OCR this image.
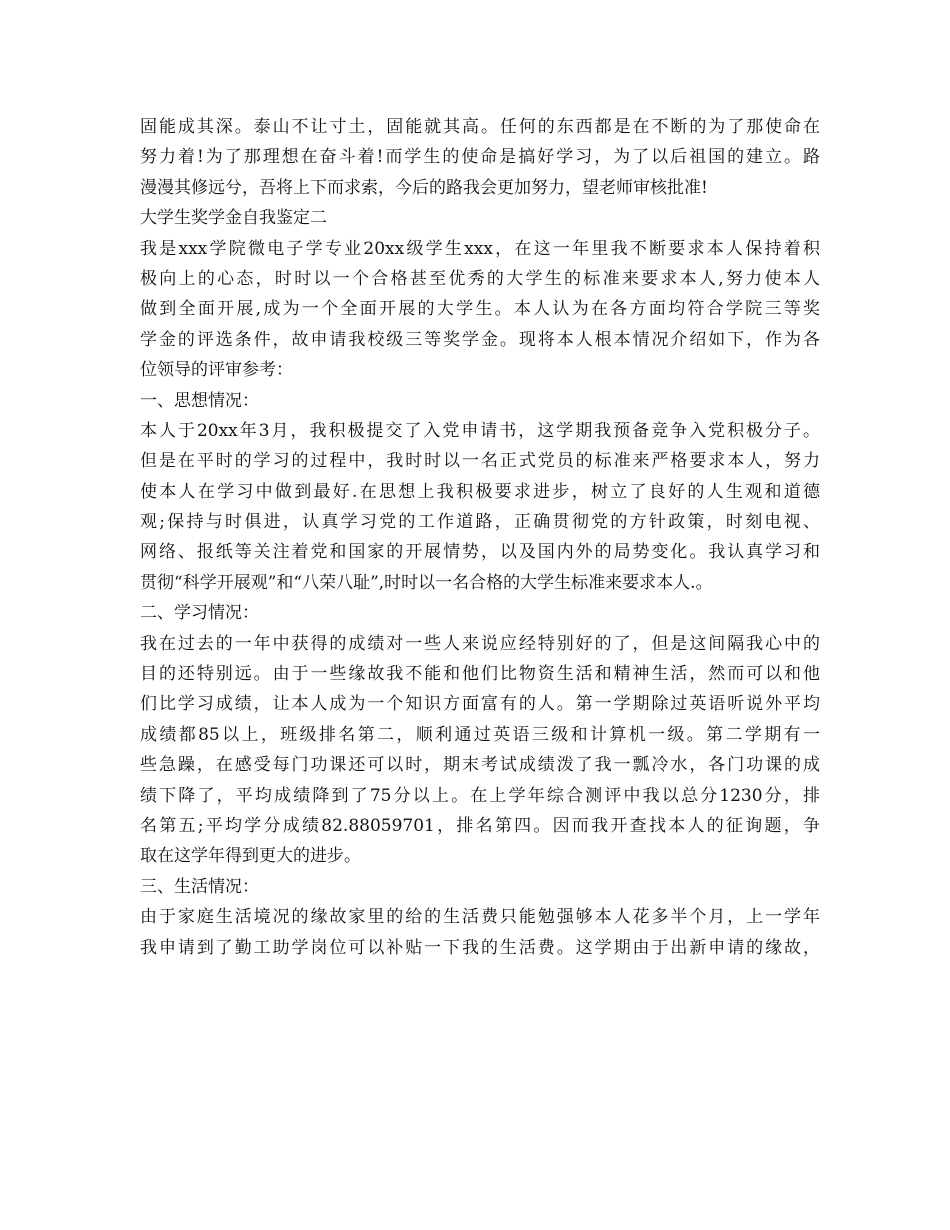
固能成其深。泰山不让寸土，固能就其高。任何的东西都是在不断的为了那使命在
努力着!为了那理想在奋斗着!而学生的使命是搞好学习，为了以后祖国的建立。路
漫漫其修远兮，吾将上下而求索，今后的路我会更加努力，望老师审核批准!
大学生奖学金自我鉴定二
我是xxx学院微电子学专业20xx级学生xxx，在这一年里我不断要求本人保持着积
极向上的心态，时时以一个合格甚至优秀的大学生的标准来要求本人,努力使本人
做到全面开展,成为一个全面开展的大学生。本人认为在各方面均符合学院三等奖
学金的评选条件，故申请我校级三等奖学金。现将本人根本情况介绍如下，作为各
位领导的评审参考：
一、思想情况：
本人于20xx年3月，我积极提交了入党申请书，这学期我预备竞争入党积极分子。
但是在平时的学习的过程中，我时时以一名正式党员的标准来严格要求本人，努力
使本人在学习中做到最好.在思想上我积极要求进步，树立了良好的人生观和道德
观;保持与时俱进，认真学习党的工作道路，正确贯彻党的方针政策，时刻电视、
网络、报纸等关注着党和国家的开展情势，以及国内外的局势变化。我认真学习和
贯彻“科学开展观”和“八荣八耻”,时时以一名合格的大学生标准来要求本人.。
二、学习情况：
我在过去的一年中获得的成绩对一些人来说应经特别好的了，但是这间隔我心中的
目的还特别远。由于一些缘故我不能和他们比物资生活和精神生活，然而可以和他
们比学习成绩，让本人成为一个知识方面富有的人。第一学期除过英语听说外平均
成绩都85以上，班级排名第二，顺利通过英语三级和计算机一级。第二学期有一
些急躁，在感受每门功课还可以时，期末考试成绩泼了我一瓢冷水，各门功课的成
绩下降了，平均成绩降到了75分以上。在上学年综合测评中我以总分1230分，排
名第五;平均学分成绩82.88059701，排名第四。因而我开查找本人的征询题，争
取在这学年得到更大的进步。
三、生活情况：
由于家庭生活境况的缘故家里的给的生活费只能勉强够本人花多半个月，上一学年
我申请到了勤工助学岗位可以补贴一下我的生活费。这学期由于出新申请的缘故，
